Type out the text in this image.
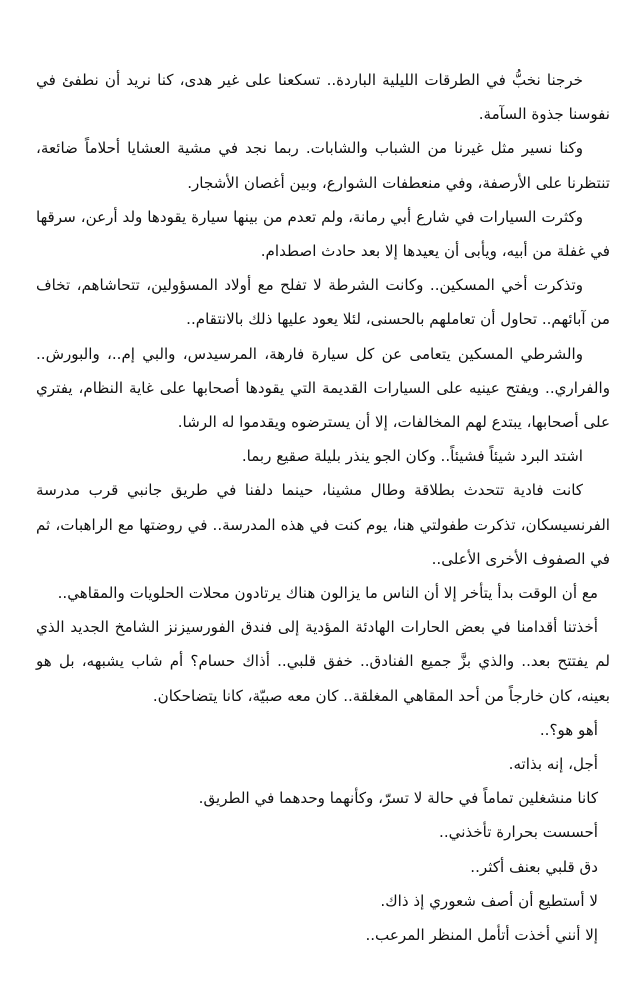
خرجنا نخبُّ في الطرقات الليلية الباردة.. تسكعنا على غير هدى، كنا نريد أن نطفئ في نفوسنا جذوة السآمة.

وكنا نسير مثل غيرنا من الشباب والشابات. ربما نجد في مشية العشايا أحلاماً ضائعة، تنتظرنا على الأرصفة، وفي منعطفات الشوارع، وبين أغصان الأشجار.

وكثرت السيارات في شارع أبي رمانة، ولم تعدم من بينها سيارة يقودها ولد أرعن، سرقها في غفلة من أبيه، ويأبى أن يعيدها إلا بعد حادث اصطدام.

وتذكرت أخي المسكين.. وكانت الشرطة لا تفلح مع أولاد المسؤولين، تتحاشاهم، تخاف من آبائهم.. تحاول أن تعاملهم بالحسنى، لئلا يعود عليها ذلك بالانتقام..

والشرطي المسكين يتعامى عن كل سيارة فارهة، المرسيدس، والبي إم..، والبورش.. والفراري.. ويفتح عينيه على السيارات القديمة التي يقودها أصحابها على غاية النظام، يفتري على أصحابها، يبتدع لهم المخالفات، إلا أن يسترضوه ويقدموا له الرشا.

اشتد البرد شيئاً فشيئاً.. وكان الجو ينذر بليلة صقيع ربما.

كانت فادية تتحدث بطلاقة وطال مشينا، حينما دلفنا في طريق جانبي قرب مدرسة الفرنسيسكان، تذكرت طفولتي هنا، يوم كنت في هذه المدرسة.. في روضتها مع الراهبات، ثم في الصفوف الأخرى الأعلى..

مع أن الوقت بدأ يتأخر إلا أن الناس ما يزالون هناك يرتادون محلات الحلويات والمقاهي..

أخذتنا أقدامنا في بعض الحارات الهادئة المؤدية إلى فندق الفورسيزنز الشامخ الجديد الذي لم يفتتح بعد.. والذي بزَّ جميع الفنادق.. خفق قلبي.. أذاك حسام؟ أم شاب يشبهه، بل هو بعينه، كان خارجاً من أحد المقاهي المغلقة.. كان معه صبيّة، كانا يتضاحكان.

أهو هو؟..

أجل، إنه بذاته.

كانا منشغلين تماماً في حالة لا تسرّ، وكأنهما وحدهما في الطريق.

أحسست بحرارة تأخذني..

دق قلبي بعنف أكثر..

لا أستطيع أن أصف شعوري إذ ذاك.

إلا أنني أخذت أتأمل المنظر المرعب..
